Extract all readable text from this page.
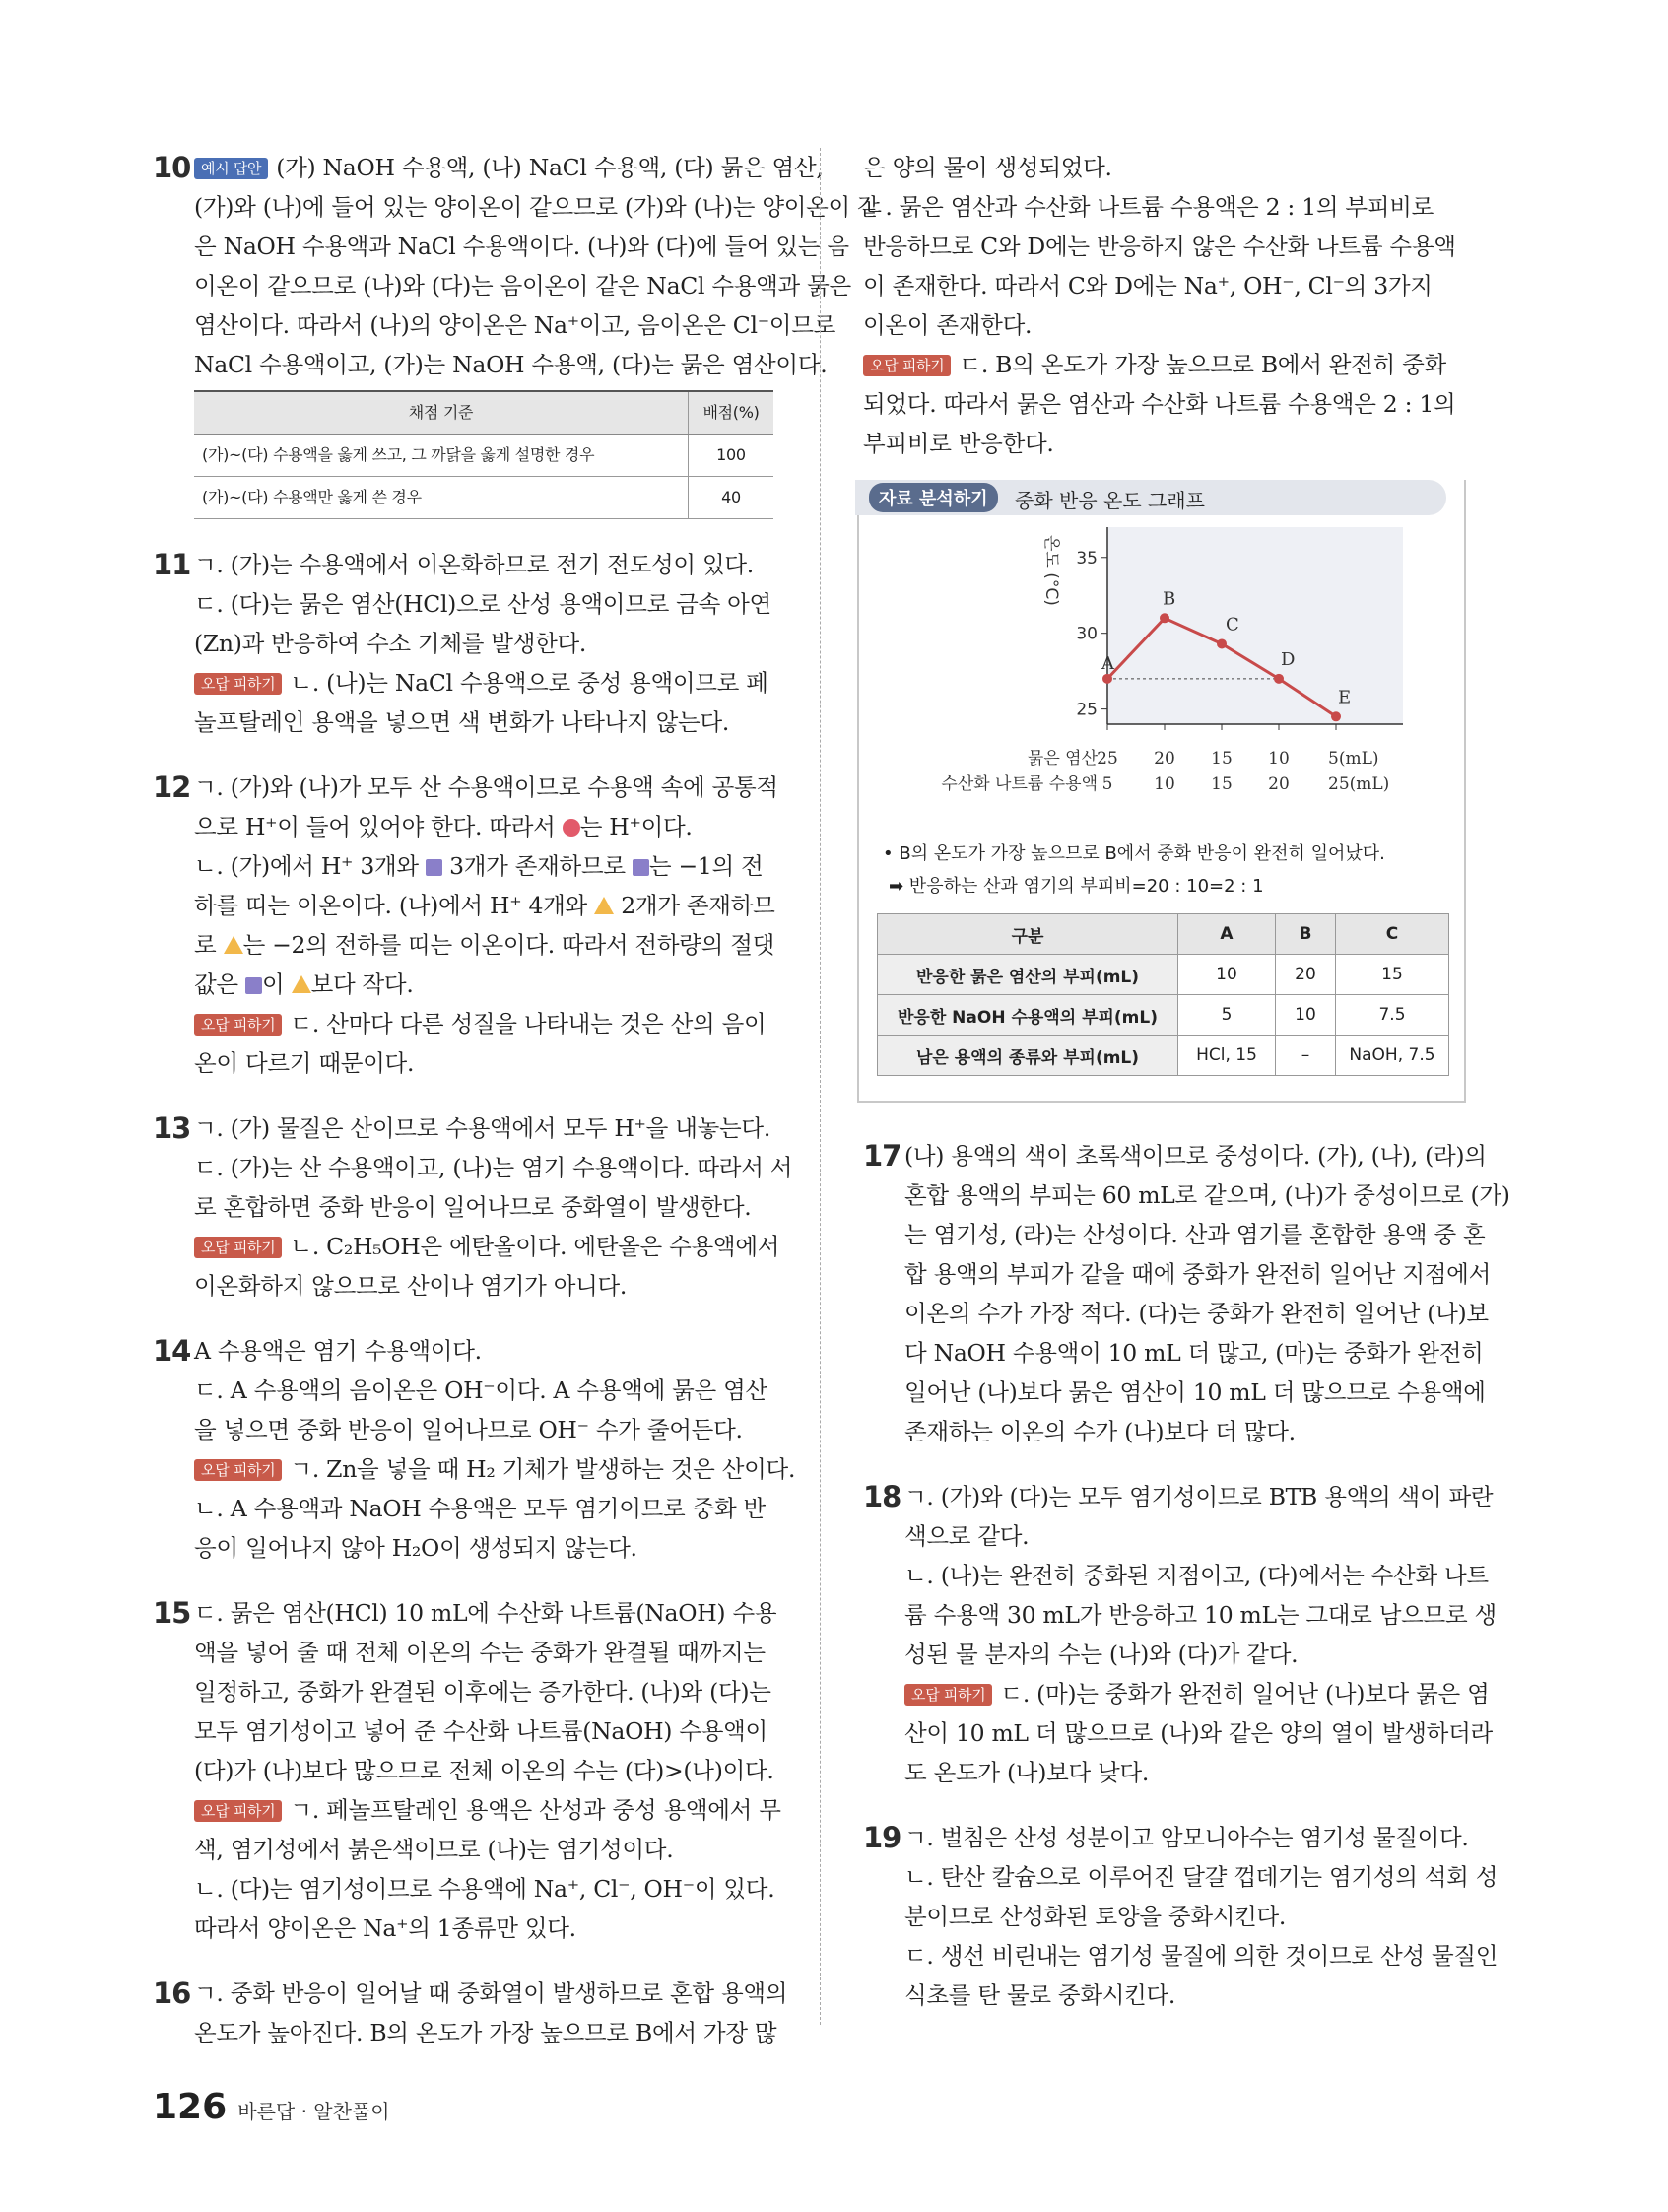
10 예시 답안 (가) NaOH 수용액, (나) NaCl 수용액, (다) 묽은 염산,
(가)와 (나)에 들어 있는 양이온이 같으므로 (가)와 (나)는 양이온이 같
은 NaOH 수용액과 NaCl 수용액이다. (나)와 (다)에 들어 있는 음
이온이 같으므로 (나)와 (다)는 음이온이 같은 NaCl 수용액과 묽은
염산이다. 따라서 (나)의 양이온은 Na⁺이고, 음이온은 Cl⁻이므로
NaCl 수용액이고, (가)는 NaOH 수용액, (다)는 묽은 염산이다.
채점 기준	배점(%)
(가)~(다) 수용액을 옳게 쓰고, 그 까닭을 옳게 설명한 경우	100
(가)~(다) 수용액만 옳게 쓴 경우	40
11 ㄱ. (가)는 수용액에서 이온화하므로 전기 전도성이 있다.
ㄷ. (다)는 묽은 염산(HCl)으로 산성 용액이므로 금속 아연
(Zn)과 반응하여 수소 기체를 발생한다.
오답 피하기 ㄴ. (나)는 NaCl 수용액으로 중성 용액이므로 페
놀프탈레인 용액을 넣으면 색 변화가 나타나지 않는다.
12 ㄱ. (가)와 (나)가 모두 산 수용액이므로 수용액 속에 공통적
으로 H⁺이 들어 있어야 한다. 따라서 는 H⁺이다.
ㄴ. (가)에서 H⁺ 3개와  3개가 존재하므로 는 −1의 전
하를 띠는 이온이다. (나)에서 H⁺ 4개와  2개가 존재하므
로 는 −2의 전하를 띠는 이온이다. 따라서 전하량의 절댓
값은 이 보다 작다.
오답 피하기 ㄷ. 산마다 다른 성질을 나타내는 것은 산의 음이
온이 다르기 때문이다.
13 ㄱ. (가) 물질은 산이므로 수용액에서 모두 H⁺을 내놓는다.
ㄷ. (가)는 산 수용액이고, (나)는 염기 수용액이다. 따라서 서
로 혼합하면 중화 반응이 일어나므로 중화열이 발생한다.
오답 피하기 ㄴ. C₂H₅OH은 에탄올이다. 에탄올은 수용액에서
이온화하지 않으므로 산이나 염기가 아니다.
14 A 수용액은 염기 수용액이다.
ㄷ. A 수용액의 음이온은 OH⁻이다. A 수용액에 묽은 염산
을 넣으면 중화 반응이 일어나므로 OH⁻ 수가 줄어든다.
오답 피하기 ㄱ. Zn을 넣을 때 H₂ 기체가 발생하는 것은 산이다.
ㄴ. A 수용액과 NaOH 수용액은 모두 염기이므로 중화 반
응이 일어나지 않아 H₂O이 생성되지 않는다.
15 ㄷ. 묽은 염산(HCl) 10 mL에 수산화 나트륨(NaOH) 수용
액을 넣어 줄 때 전체 이온의 수는 중화가 완결될 때까지는
일정하고, 중화가 완결된 이후에는 증가한다. (나)와 (다)는
모두 염기성이고 넣어 준 수산화 나트륨(NaOH) 수용액이
(다)가 (나)보다 많으므로 전체 이온의 수는 (다)>(나)이다.
오답 피하기 ㄱ. 페놀프탈레인 용액은 산성과 중성 용액에서 무
색, 염기성에서 붉은색이므로 (나)는 염기성이다.
ㄴ. (다)는 염기성이므로 수용액에 Na⁺, Cl⁻, OH⁻이 있다.
따라서 양이온은 Na⁺의 1종류만 있다.
16 ㄱ. 중화 반응이 일어날 때 중화열이 발생하므로 혼합 용액의
온도가 높아진다. B의 온도가 가장 높으므로 B에서 가장 많
은 양의 물이 생성되었다.
ㄴ. 묽은 염산과 수산화 나트륨 수용액은 2 : 1의 부피비로
반응하므로 C와 D에는 반응하지 않은 수산화 나트륨 수용액
이 존재한다. 따라서 C와 D에는 Na⁺, OH⁻, Cl⁻의 3가지
이온이 존재한다.
오답 피하기 ㄷ. B의 온도가 가장 높으므로 B에서 완전히 중화
되었다. 따라서 묽은 염산과 수산화 나트륨 수용액은 2 : 1의
부피비로 반응한다.
자료 분석하기	중화 반응 온도 그래프
25
30
35
A
B
C
D
E
온도 (°C)
묽은 염산 25 20 15 10 5(mL)
수산화 나트륨 수용액 5 10 15 20 25(mL)
• B의 온도가 가장 높으므로 B에서 중화 반응이 완전히 일어났다.
➡ 반응하는 산과 염기의 부피비=20 : 10=2 : 1
구분	A	B	C
반응한 묽은 염산의 부피(mL)	10	20	15
반응한 NaOH 수용액의 부피(mL)	5	10	7.5
남은 용액의 종류와 부피(mL)	HCl, 15	–	NaOH, 7.5
17 (나) 용액의 색이 초록색이므로 중성이다. (가), (나), (라)의
혼합 용액의 부피는 60 mL로 같으며, (나)가 중성이므로 (가)
는 염기성, (라)는 산성이다. 산과 염기를 혼합한 용액 중 혼
합 용액의 부피가 같을 때에 중화가 완전히 일어난 지점에서
이온의 수가 가장 적다. (다)는 중화가 완전히 일어난 (나)보
다 NaOH 수용액이 10 mL 더 많고, (마)는 중화가 완전히
일어난 (나)보다 묽은 염산이 10 mL 더 많으므로 수용액에
존재하는 이온의 수가 (나)보다 더 많다.
18 ㄱ. (가)와 (다)는 모두 염기성이므로 BTB 용액의 색이 파란
색으로 같다.
ㄴ. (나)는 완전히 중화된 지점이고, (다)에서는 수산화 나트
륨 수용액 30 mL가 반응하고 10 mL는 그대로 남으므로 생
성된 물 분자의 수는 (나)와 (다)가 같다.
오답 피하기 ㄷ. (마)는 중화가 완전히 일어난 (나)보다 묽은 염
산이 10 mL 더 많으므로 (나)와 같은 양의 열이 발생하더라
도 온도가 (나)보다 낮다.
19 ㄱ. 벌침은 산성 성분이고 암모니아수는 염기성 물질이다.
ㄴ. 탄산 칼슘으로 이루어진 달걀 껍데기는 염기성의 석회 성
분이므로 산성화된 토양을 중화시킨다.
ㄷ. 생선 비린내는 염기성 물질에 의한 것이므로 산성 물질인
식초를 탄 물로 중화시킨다.
126 바른답 · 알찬풀이
